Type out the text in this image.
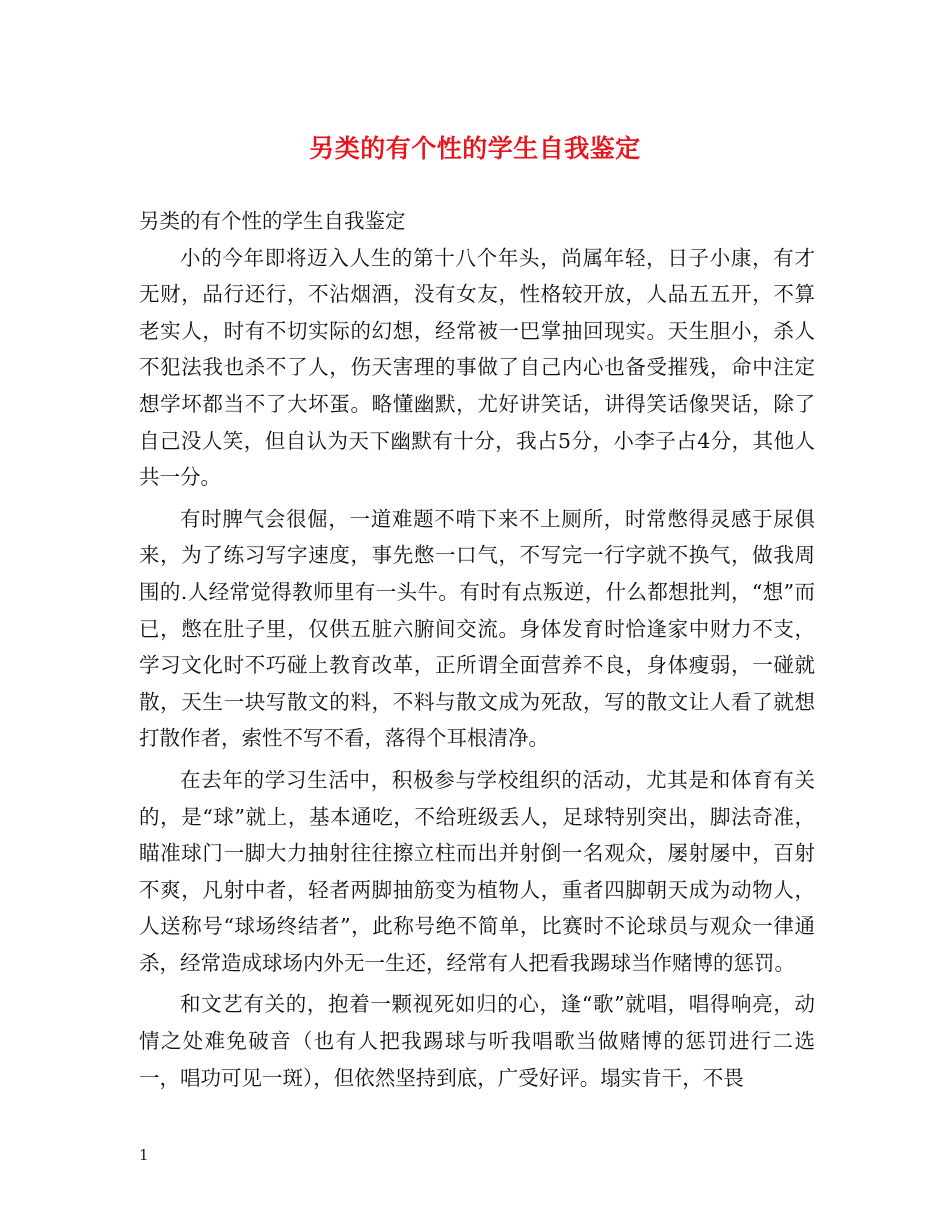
另类的有个性的学生自我鉴定

另类的有个性的学生自我鉴定

小的今年即将迈入人生的第十八个年头，尚属年轻，日子小康，有才无财，品行还行，不沾烟酒，没有女友，性格较开放，人品五五开，不算老实人，时有不切实际的幻想，经常被一巴掌抽回现实。天生胆小，杀人不犯法我也杀不了人，伤天害理的事做了自己内心也备受摧残，命中注定想学坏都当不了大坏蛋。略懂幽默，尤好讲笑话，讲得笑话像哭话，除了自己没人笑，但自认为天下幽默有十分，我占5分，小李子占4分，其他人共一分。

有时脾气会很倔，一道难题不啃下来不上厕所，时常憋得灵感于尿俱来，为了练习写字速度，事先憋一口气，不写完一行字就不换气，做我周围的.人经常觉得教师里有一头牛。有时有点叛逆，什么都想批判，“想”而已，憋在肚子里，仅供五脏六腑间交流。身体发育时恰逢家中财力不支，学习文化时不巧碰上教育改革，正所谓全面营养不良，身体瘦弱，一碰就散，天生一块写散文的料，不料与散文成为死敌，写的散文让人看了就想打散作者，索性不写不看，落得个耳根清净。

在去年的学习生活中，积极参与学校组织的活动，尤其是和体育有关的，是“球”就上，基本通吃，不给班级丢人，足球特别突出，脚法奇准，瞄准球门一脚大力抽射往往擦立柱而出并射倒一名观众，屡射屡中，百射不爽，凡射中者，轻者两脚抽筋变为植物人，重者四脚朝天成为动物人，人送称号“球场终结者”，此称号绝不简单，比赛时不论球员与观众一律通杀，经常造成球场内外无一生还，经常有人把看我踢球当作赌博的惩罚。

和文艺有关的，抱着一颗视死如归的心，逢“歌”就唱，唱得响亮，动情之处难免破音（也有人把我踢球与听我唱歌当做赌博的惩罚进行二选一，唱功可见一斑），但依然坚持到底，广受好评。塌实肯干，不畏

1
